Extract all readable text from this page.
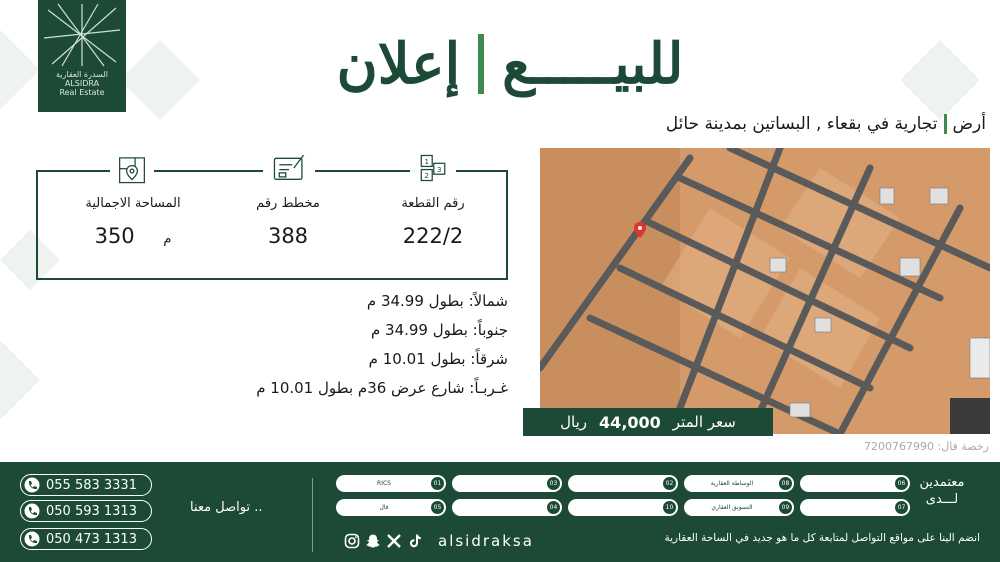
السدرة العقارية
ALSIDRA
Real Estate	إعلان للبيـــــع
أرض
تجارية في بقعاء , البساتين بمدينة حائل
1
3
2
رقم القطعة
222/2
مخطط رقم
388
المساحة الاجمالية
350 م
شمالاً: بطول 34.99 م
جنوباً: بطول 34.99 م
شرقاً: بطول 10.01 م
غـربـاً: شارع عرض 36م بطول 10.01 م
سعر المتر
44,000
ريال
رخصة فال: 7200767990
055 583 3331
050 593 1313
050 473 1313
تواصل معنا ..
01
RICS
05
فال
03
04
02
10
08
الوساطة العقارية
09
التسويق العقاري
06
07
معتمدين لـــدى
alsidraksa	انضم الينا على مواقع التواصل لمتابعة كل ما هو جديد في الساحة العقارية
